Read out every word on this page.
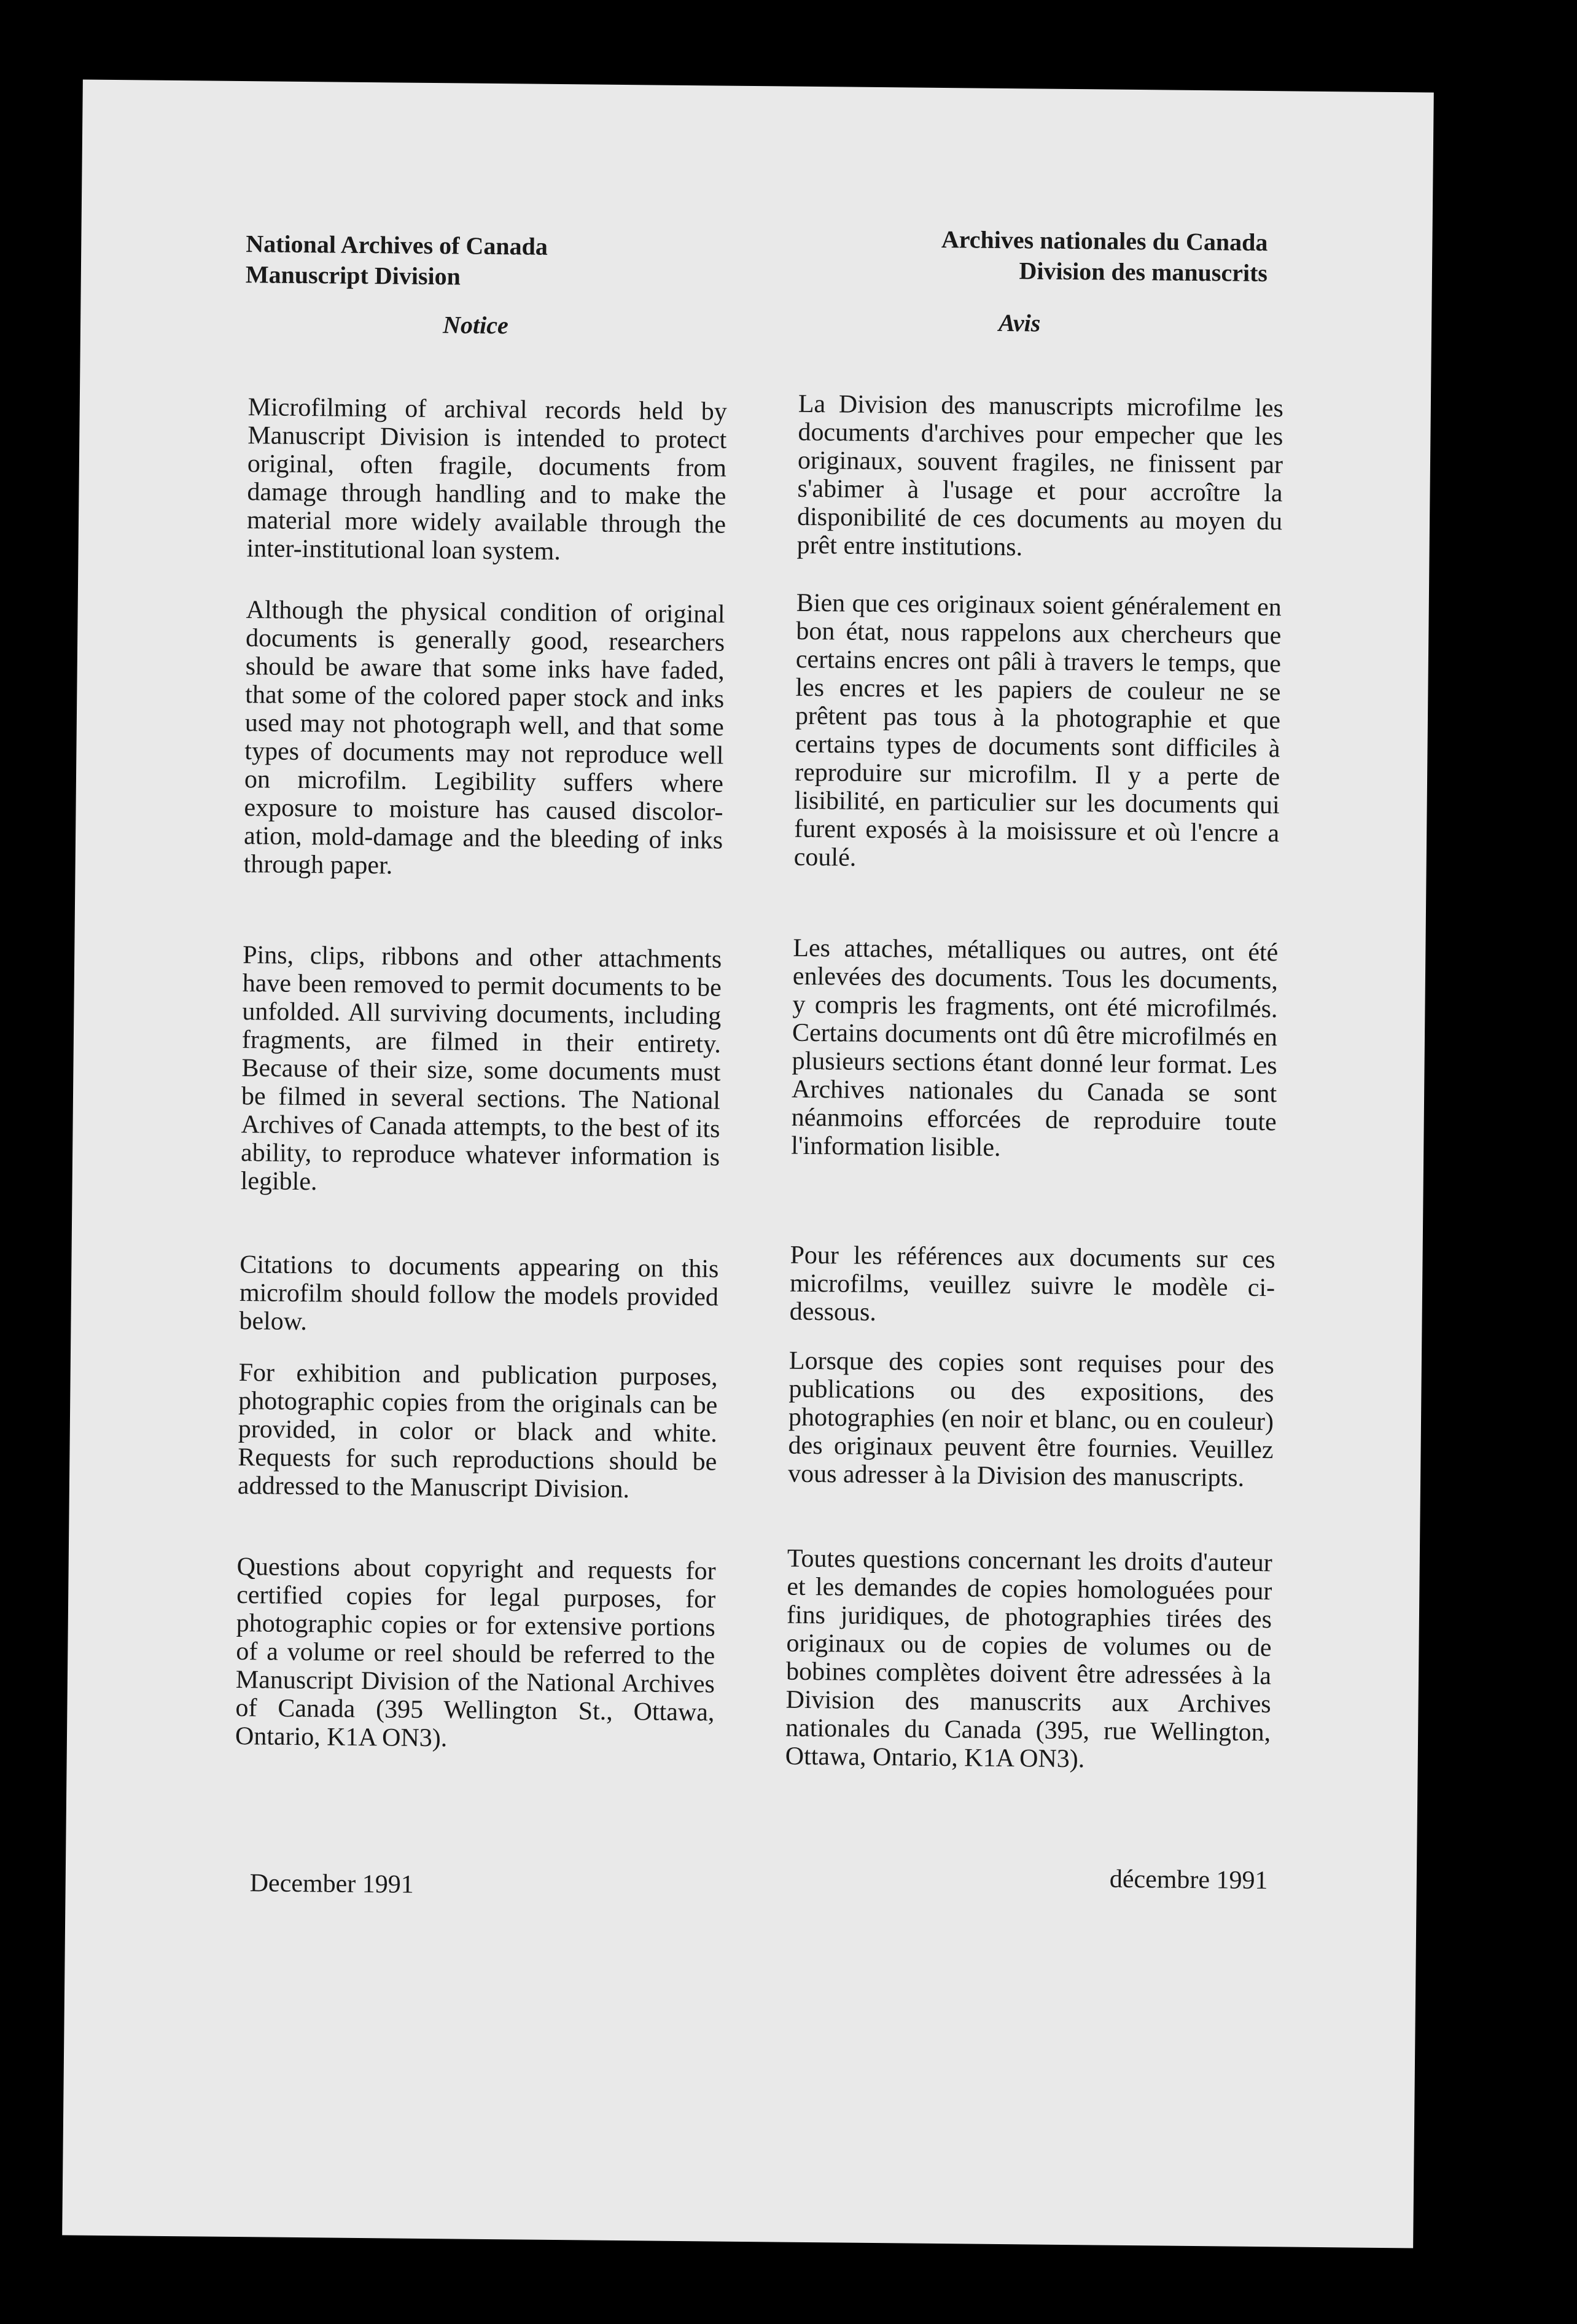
National Archives of Canada
Manuscript Division
Archives nationales du Canada
Division des manuscrits
Notice	Avis

Microfilming of archival records held by Manuscript Division is intended to protect original, often fragile, documents from damage through handling and to make the material more widely available through the inter-institutional loan system.

Although the physical condition of original documents is generally good, researchers should be aware that some inks have faded, that some of the colored paper stock and inks used may not photograph well, and that some types of documents may not reproduce well on microfilm. Legibility suffers where exposure to moisture has caused discolor-ation, mold-damage and the bleeding of inks through paper.

Pins, clips, ribbons and other attachments have been removed to permit documents to be unfolded. All surviving documents, including fragments, are filmed in their entirety. Because of their size, some documents must be filmed in several sections. The National Archives of Canada attempts, to the best of its ability, to reproduce whatever information is legible.

Citations to documents appearing on this microfilm should follow the models provided below.

For exhibition and publication purposes, photographic copies from the originals can be provided, in color or black and white. Requests for such reproductions should be addressed to the Manuscript Division.

Questions about copyright and requests for certified copies for legal purposes, for photographic copies or for extensive portions of a volume or reel should be referred to the Manuscript Division of the National Archives of Canada (395 Wellington St., Ottawa, Ontario, K1A ON3).

La Division des manuscripts microfilme les documents d'archives pour empecher que les originaux, souvent fragiles, ne finissent par s'abimer à l'usage et pour accroître la disponibilité de ces documents au moyen du prêt entre institutions.

Bien que ces originaux soient généralement en bon état, nous rappelons aux chercheurs que certains encres ont pâli à travers le temps, que les encres et les papiers de couleur ne se prêtent pas tous à la photographie et que certains types de documents sont difficiles à reproduire sur microfilm. Il y a perte de lisibilité, en particulier sur les documents qui furent exposés à la moisissure et où l'encre a coulé.

Les attaches, métalliques ou autres, ont été enlevées des documents. Tous les documents, y compris les fragments, ont été microfilmés. Certains documents ont dû être microfilmés en plusieurs sections étant donné leur format. Les Archives nationales du Canada se sont néanmoins efforcées de reproduire toute l'information lisible.

Pour les références aux documents sur ces microfilms, veuillez suivre le modèle ci-dessous.

Lorsque des copies sont requises pour des publications ou des expositions, des photographies (en noir et blanc, ou en couleur) des originaux peuvent être fournies. Veuillez vous adresser à la Division des manuscripts.

Toutes questions concernant les droits d'auteur et les demandes de copies homologuées pour fins juridiques, de photographies tirées des originaux ou de copies de volumes ou de bobines complètes doivent être adressées à la Division des manuscrits aux Archives nationales du Canada (395, rue Wellington, Ottawa, Ontario, K1A ON3).

December 1991	décembre 1991
